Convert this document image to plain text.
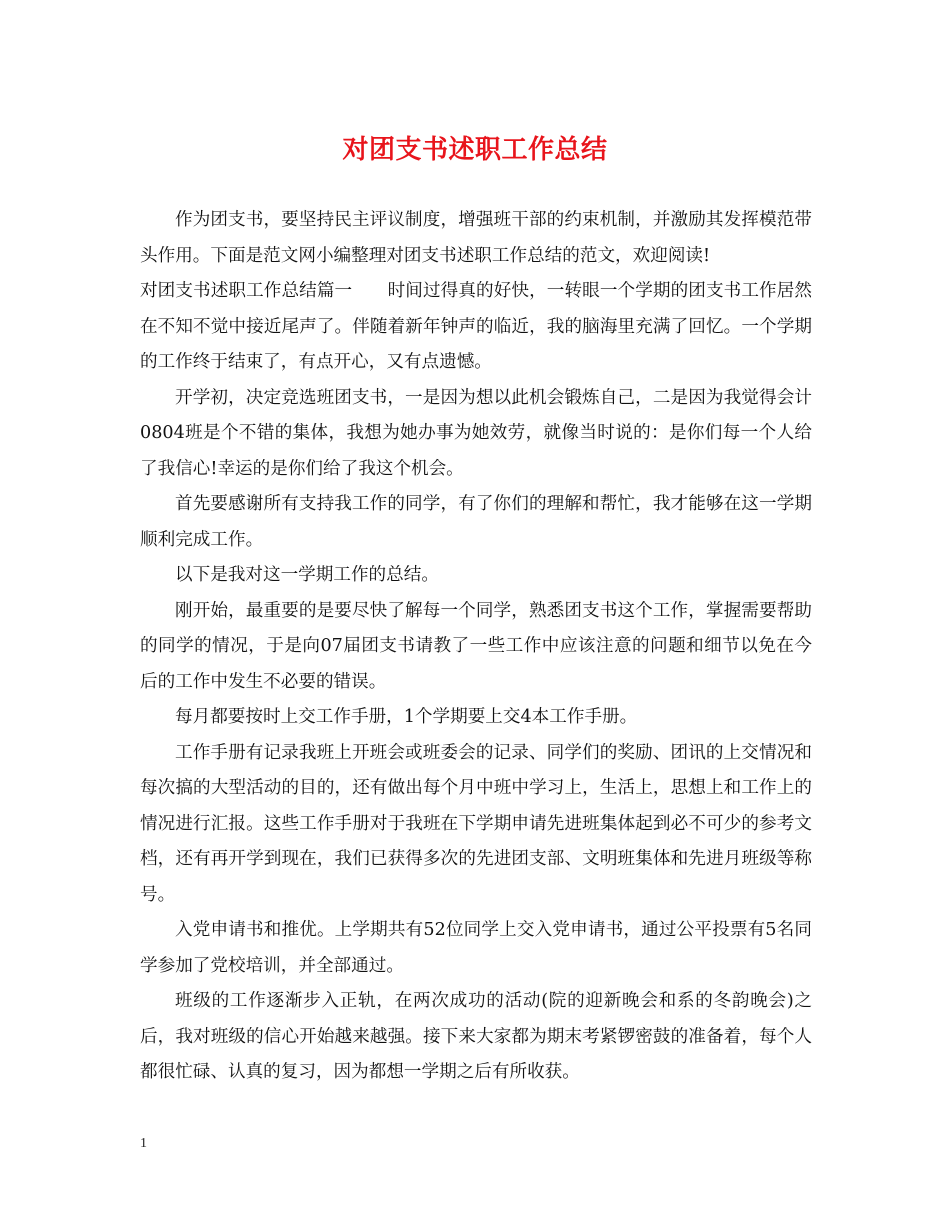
对团支书述职工作总结

作为团支书，要坚持民主评议制度，增强班干部的约束机制，并激励其发挥模范带头作用。下面是范文网小编整理对团支书述职工作总结的范文，欢迎阅读!

对团支书述职工作总结篇一　　时间过得真的好快，一转眼一个学期的团支书工作居然在不知不觉中接近尾声了。伴随着新年钟声的临近，我的脑海里充满了回忆。一个学期的工作终于结束了，有点开心，又有点遗憾。

开学初，决定竞选班团支书，一是因为想以此机会锻炼自己，二是因为我觉得会计0804班是个不错的集体，我想为她办事为她效劳，就像当时说的：是你们每一个人给了我信心!幸运的是你们给了我这个机会。

首先要感谢所有支持我工作的同学，有了你们的理解和帮忙，我才能够在这一学期顺利完成工作。

以下是我对这一学期工作的总结。

刚开始，最重要的是要尽快了解每一个同学，熟悉团支书这个工作，掌握需要帮助的同学的情况，于是向07届团支书请教了一些工作中应该注意的问题和细节以免在今后的工作中发生不必要的错误。

每月都要按时上交工作手册，1个学期要上交4本工作手册。

工作手册有记录我班上开班会或班委会的记录、同学们的奖励、团讯的上交情况和每次搞的大型活动的目的，还有做出每个月中班中学习上，生活上，思想上和工作上的情况进行汇报。这些工作手册对于我班在下学期申请先进班集体起到必不可少的参考文档，还有再开学到现在，我们已获得多次的先进团支部、文明班集体和先进月班级等称号。

入党申请书和推优。上学期共有52位同学上交入党申请书，通过公平投票有5名同学参加了党校培训，并全部通过。

班级的工作逐渐步入正轨，在两次成功的活动(院的迎新晚会和系的冬韵晚会)之后，我对班级的信心开始越来越强。接下来大家都为期末考紧锣密鼓的准备着，每个人都很忙碌、认真的复习，因为都想一学期之后有所收获。

1
